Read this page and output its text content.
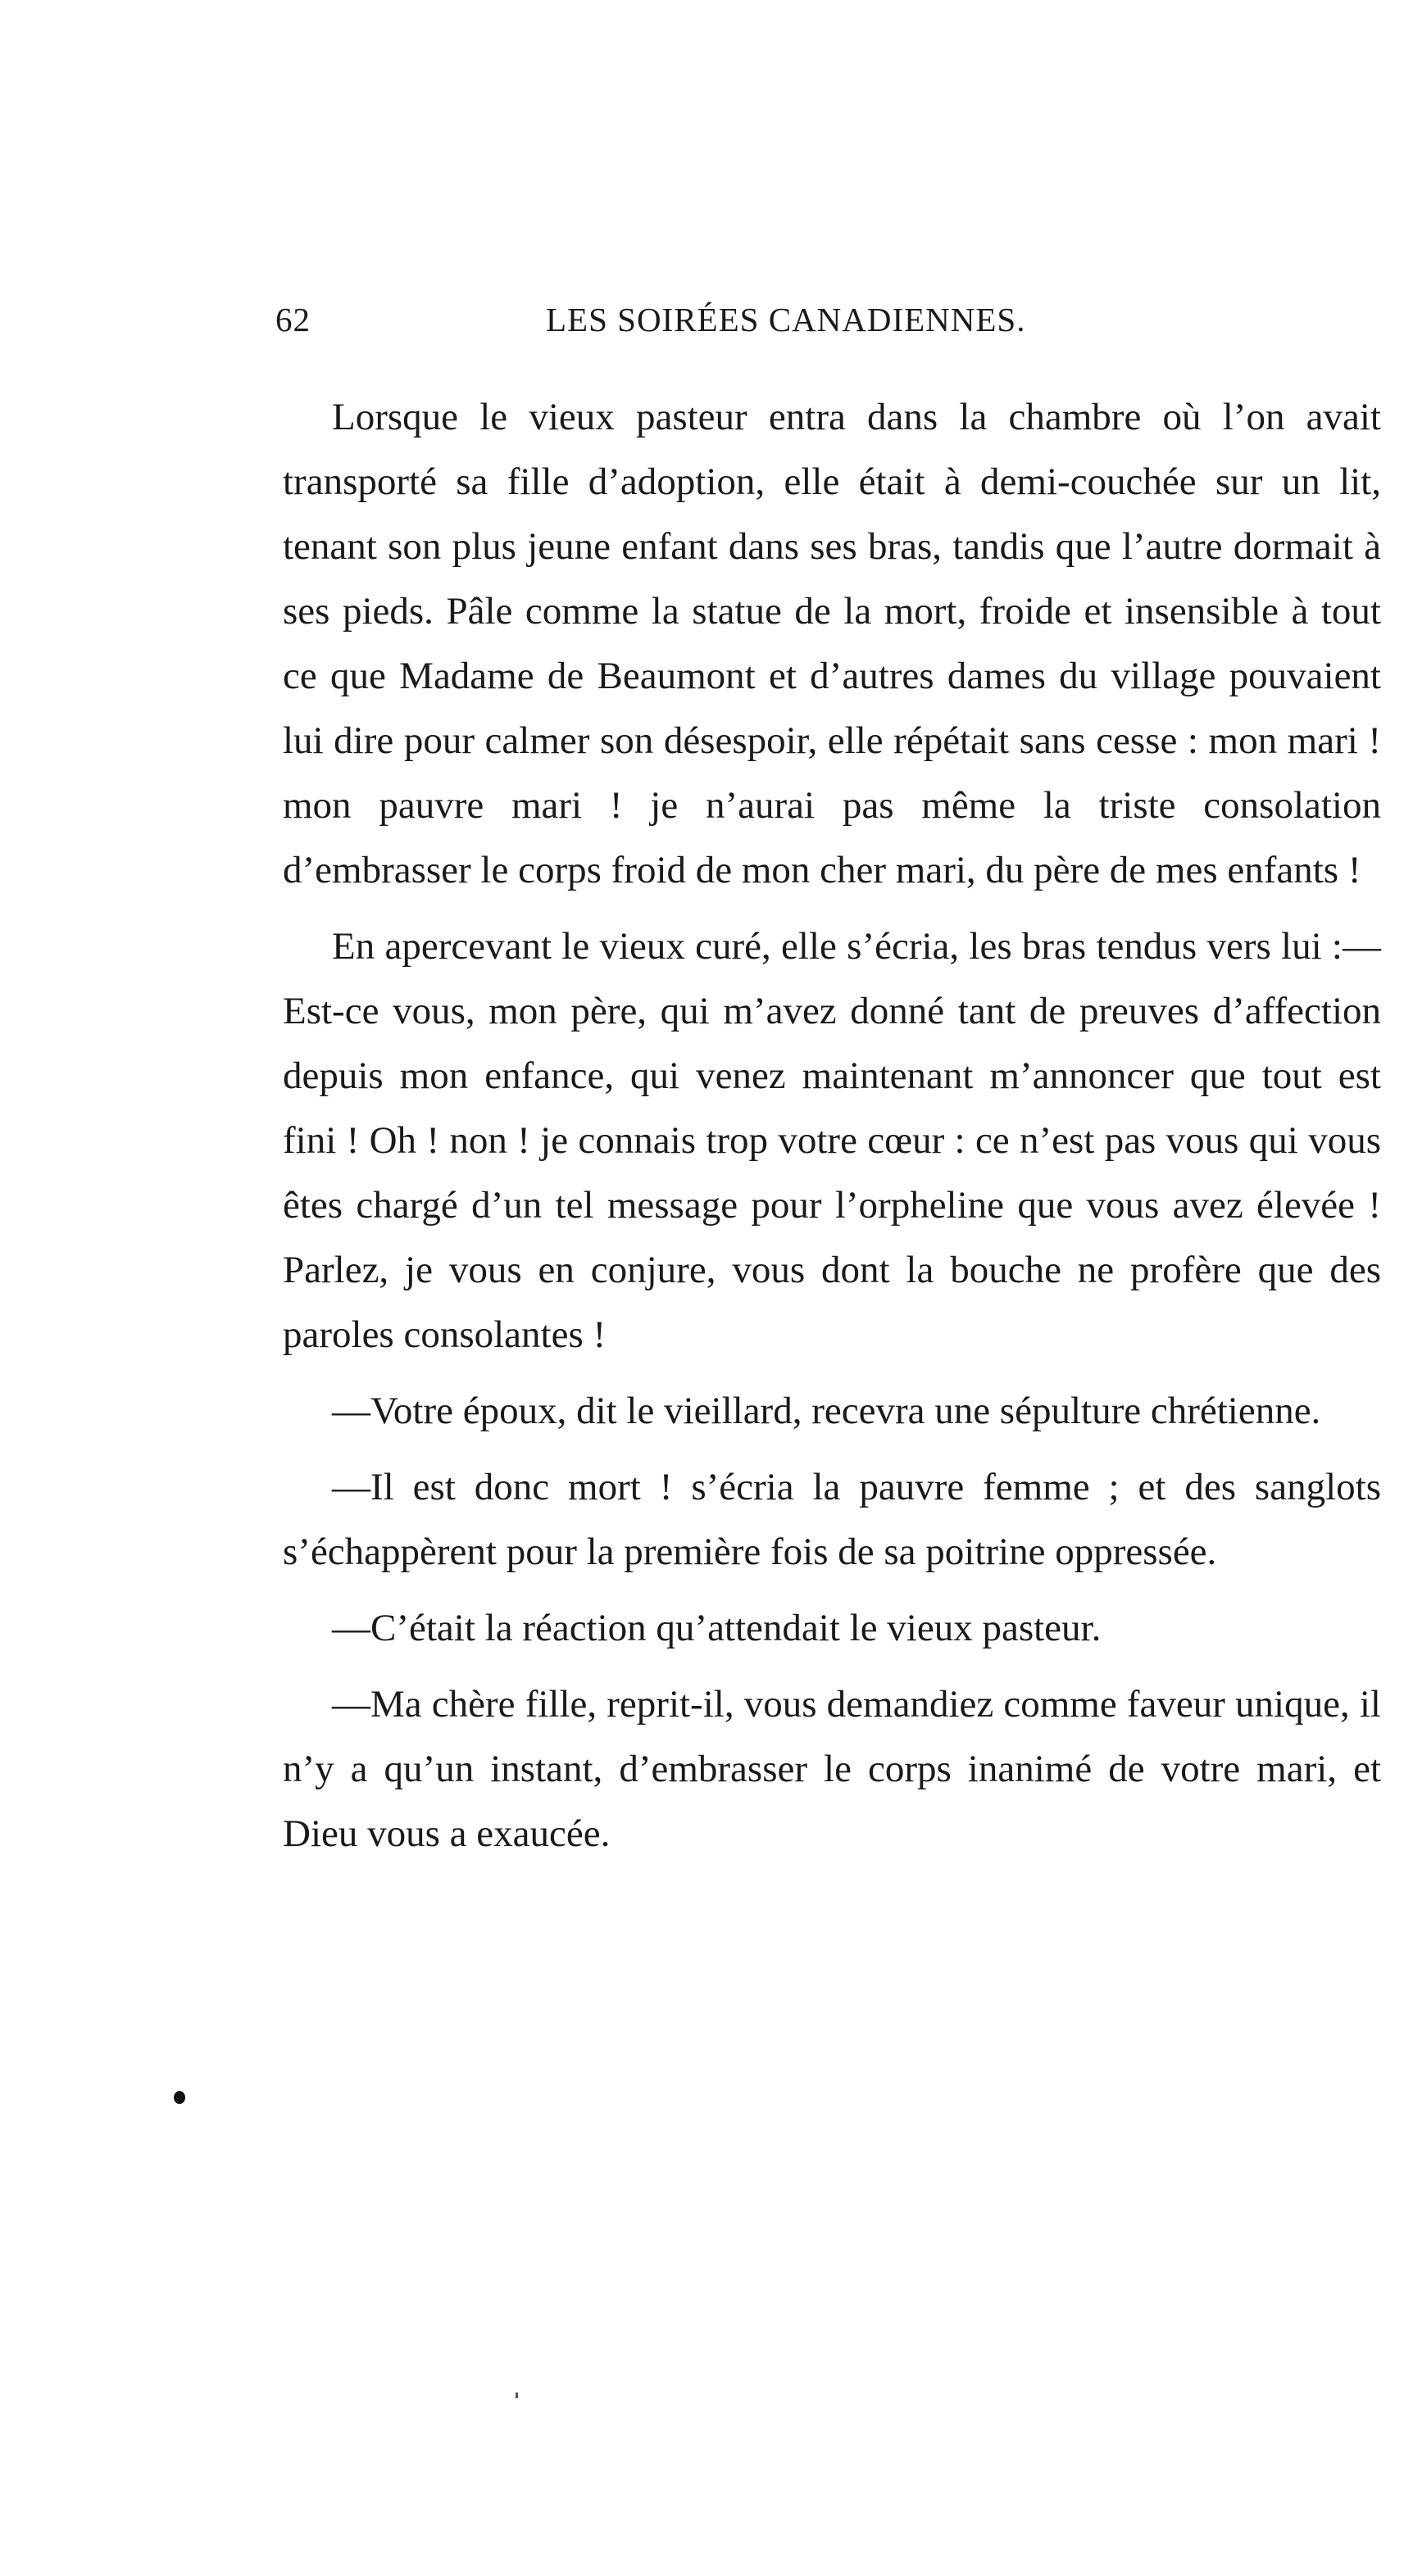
62	LES SOIRÉES CANADIENNES.

Lorsque le vieux pasteur entra dans la chambre où l’on avait transporté sa fille d’adoption, elle était à demi-couchée sur un lit, tenant son plus jeune enfant dans ses bras, tandis que l’autre dormait à ses pieds. Pâle comme la statue de la mort, froide et insensible à tout ce que Madame de Beaumont et d’autres dames du village pouvaient lui dire pour calmer son désespoir, elle répétait sans cesse : mon mari ! mon pauvre mari ! je n’aurai pas même la triste consolation d’embrasser le corps froid de mon cher mari, du père de mes enfants !

En apercevant le vieux curé, elle s’écria, les bras tendus vers lui :—Est-ce vous, mon père, qui m’avez donné tant de preuves d’affection depuis mon enfance, qui venez maintenant m’annoncer que tout est fini ! Oh ! non ! je connais trop votre cœur : ce n’est pas vous qui vous êtes chargé d’un tel message pour l’orpheline que vous avez élevée ! Parlez, je vous en conjure, vous dont la bouche ne profère que des paroles consolantes !

—Votre époux, dit le vieillard, recevra une sépulture chrétienne.

—Il est donc mort ! s’écria la pauvre femme ; et des sanglots s’échappèrent pour la première fois de sa poitrine oppressée.

—C’était la réaction qu’attendait le vieux pasteur.

—Ma chère fille, reprit-il, vous demandiez comme faveur unique, il n’y a qu’un instant, d’embrasser le corps inanimé de votre mari, et Dieu vous a exaucée.
